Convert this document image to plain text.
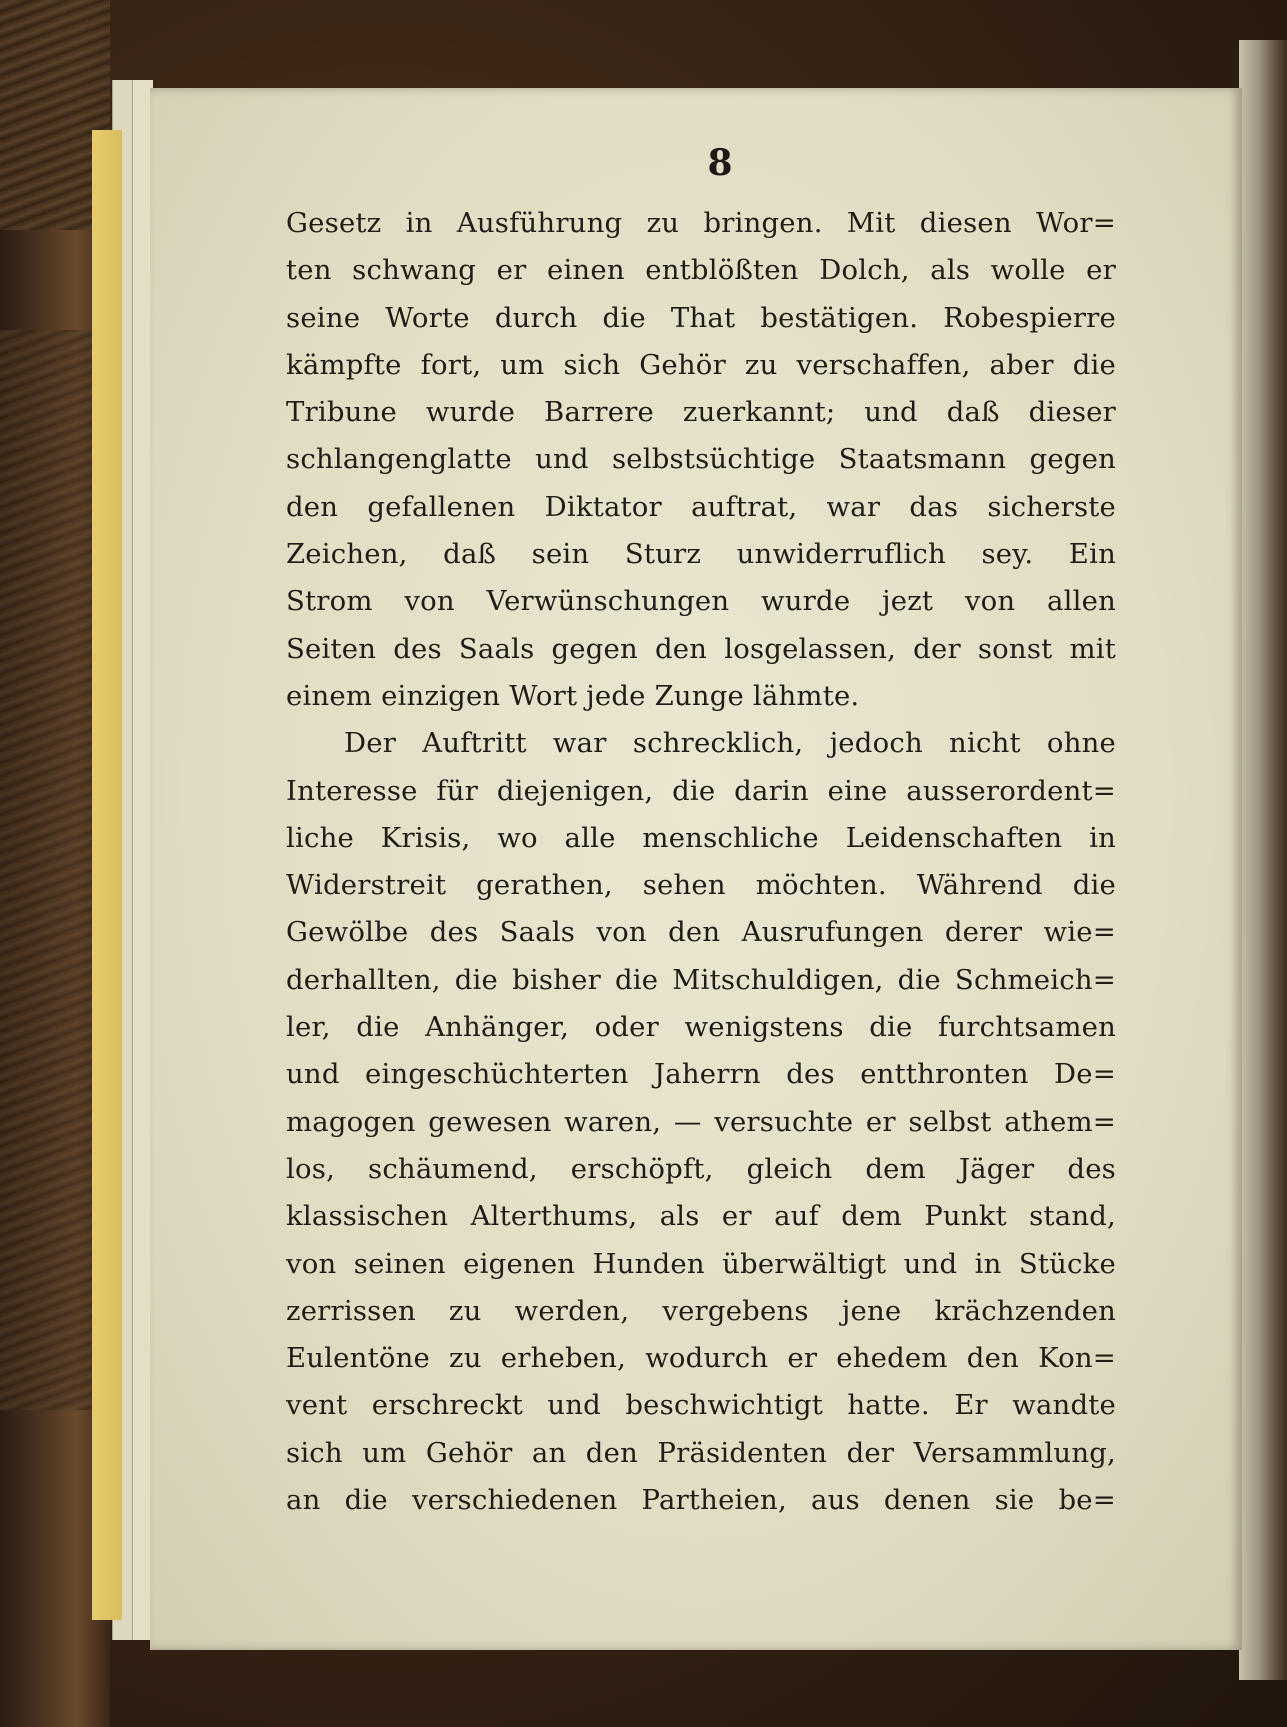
8
Gesetz in Ausführung zu bringen. Mit diesen Wor=
ten schwang er einen entblößten Dolch, als wolle er
seine Worte durch die That bestätigen. Robespierre
kämpfte fort, um sich Gehör zu verschaffen, aber die
Tribune wurde Barrere zuerkannt; und daß dieser
schlangenglatte und selbstsüchtige Staatsmann gegen
den gefallenen Diktator auftrat, war das sicherste
Zeichen, daß sein Sturz unwiderruflich sey. Ein
Strom von Verwünschungen wurde jezt von allen
Seiten des Saals gegen den losgelassen, der sonst mit
einem einzigen Wort jede Zunge lähmte.
Der Auftritt war schrecklich, jedoch nicht ohne
Interesse für diejenigen, die darin eine ausserordent=
liche Krisis, wo alle menschliche Leidenschaften in
Widerstreit gerathen, sehen möchten. Während die
Gewölbe des Saals von den Ausrufungen derer wie=
derhallten, die bisher die Mitschuldigen, die Schmeich=
ler, die Anhänger, oder wenigstens die furchtsamen
und eingeschüchterten Jaherrn des entthronten De=
magogen gewesen waren, — versuchte er selbst athem=
los, schäumend, erschöpft, gleich dem Jäger des
klassischen Alterthums, als er auf dem Punkt stand,
von seinen eigenen Hunden überwältigt und in Stücke
zerrissen zu werden, vergebens jene krächzenden
Eulentöne zu erheben, wodurch er ehedem den Kon=
vent erschreckt und beschwichtigt hatte. Er wandte
sich um Gehör an den Präsidenten der Versammlung,
an die verschiedenen Partheien, aus denen sie be=
